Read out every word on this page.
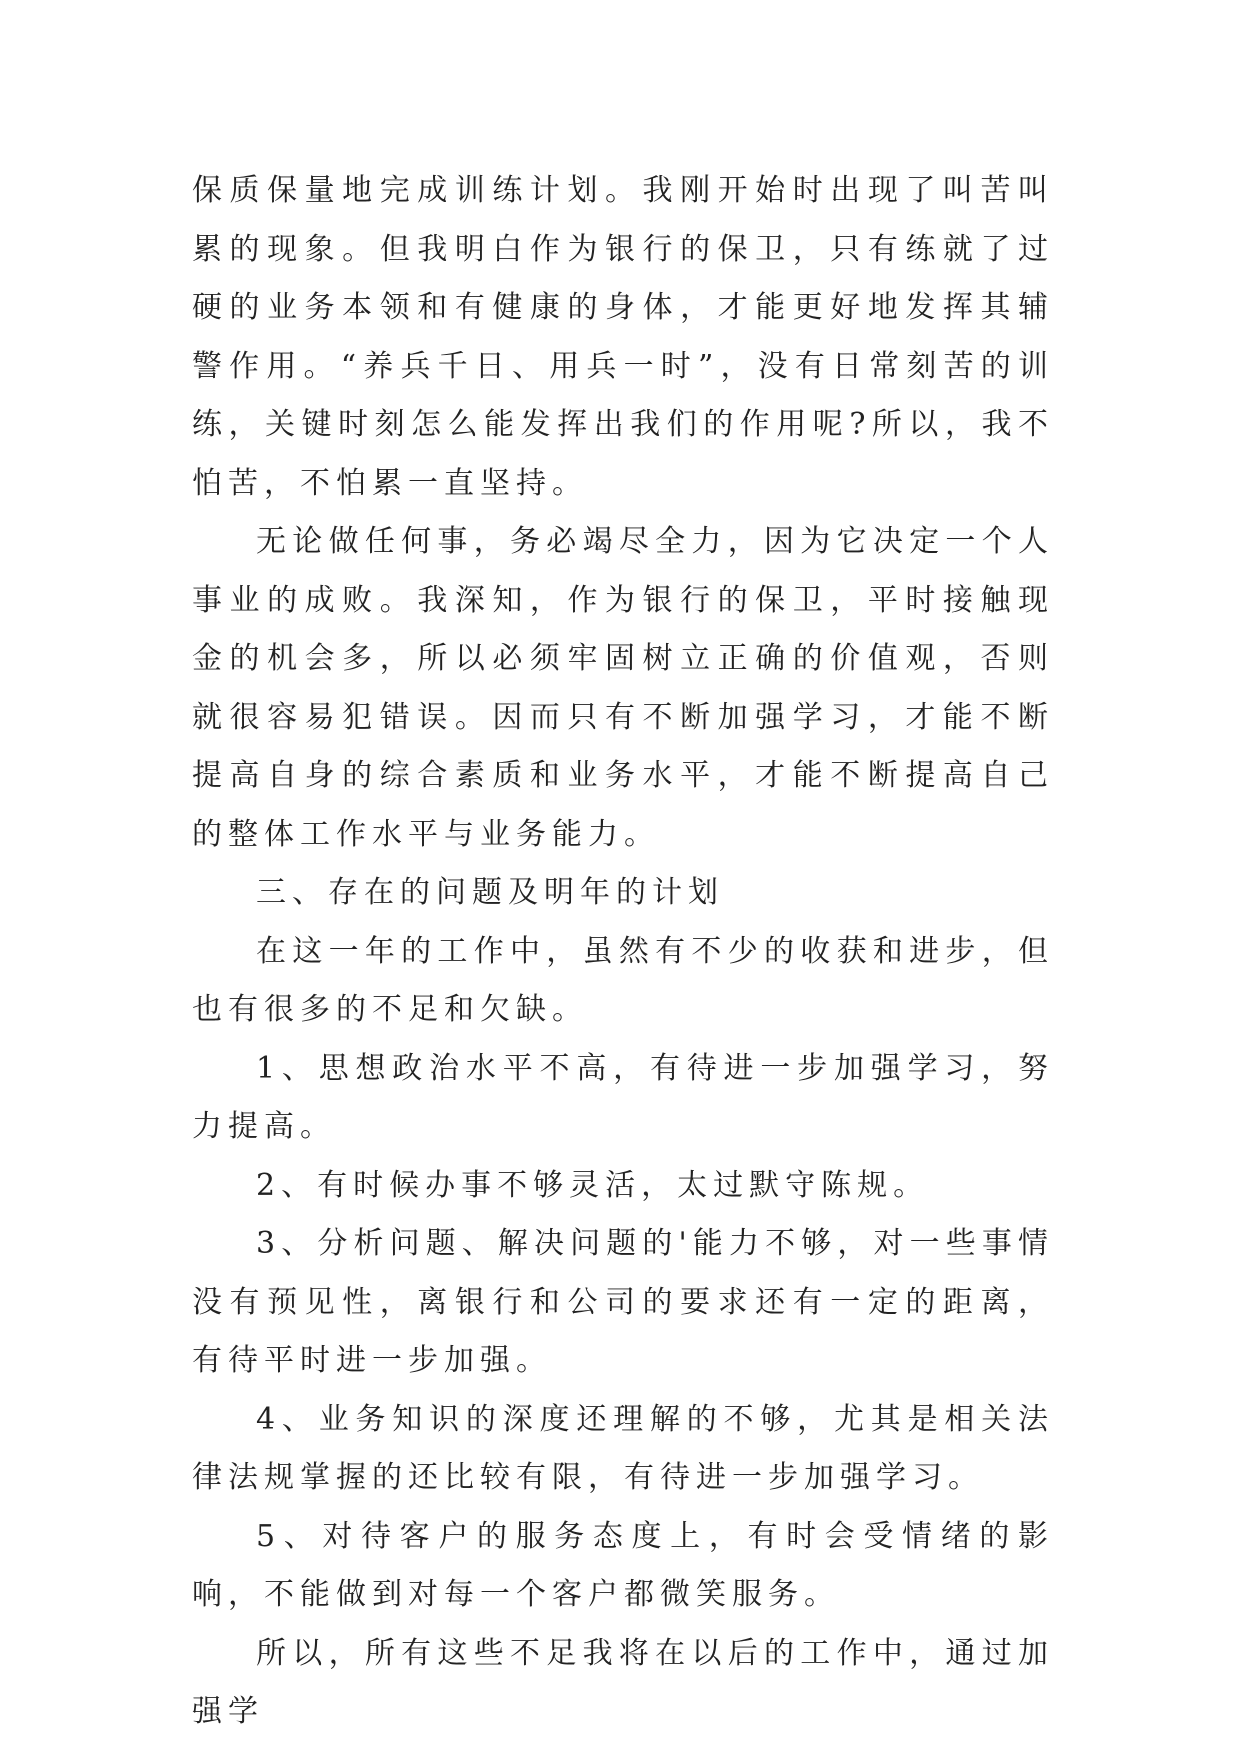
保质保量地完成训练计划。我刚开始时出现了叫苦叫累的现象。但我明白作为银行的保卫，只有练就了过硬的业务本领和有健康的身体，才能更好地发挥其辅警作用。“养兵千日、用兵一时”，没有日常刻苦的训练，关键时刻怎么能发挥出我们的作用呢?所以，我不怕苦，不怕累一直坚持。

无论做任何事，务必竭尽全力，因为它决定一个人事业的成败。我深知，作为银行的保卫，平时接触现金的机会多，所以必须牢固树立正确的价值观，否则就很容易犯错误。因而只有不断加强学习，才能不断提高自身的综合素质和业务水平，才能不断提高自己的整体工作水平与业务能力。

三、存在的问题及明年的计划

在这一年的工作中，虽然有不少的收获和进步，但也有很多的不足和欠缺。

1、思想政治水平不高，有待进一步加强学习，努力提高。

2、有时候办事不够灵活，太过默守陈规。

3、分析问题、解决问题的'能力不够，对一些事情没有预见性，离银行和公司的要求还有一定的距离，有待平时进一步加强。

4、业务知识的深度还理解的不够，尤其是相关法律法规掌握的还比较有限，有待进一步加强学习。

5、对待客户的服务态度上，有时会受情绪的影响，不能做到对每一个客户都微笑服务。

所以，所有这些不足我将在以后的工作中，通过加强学
